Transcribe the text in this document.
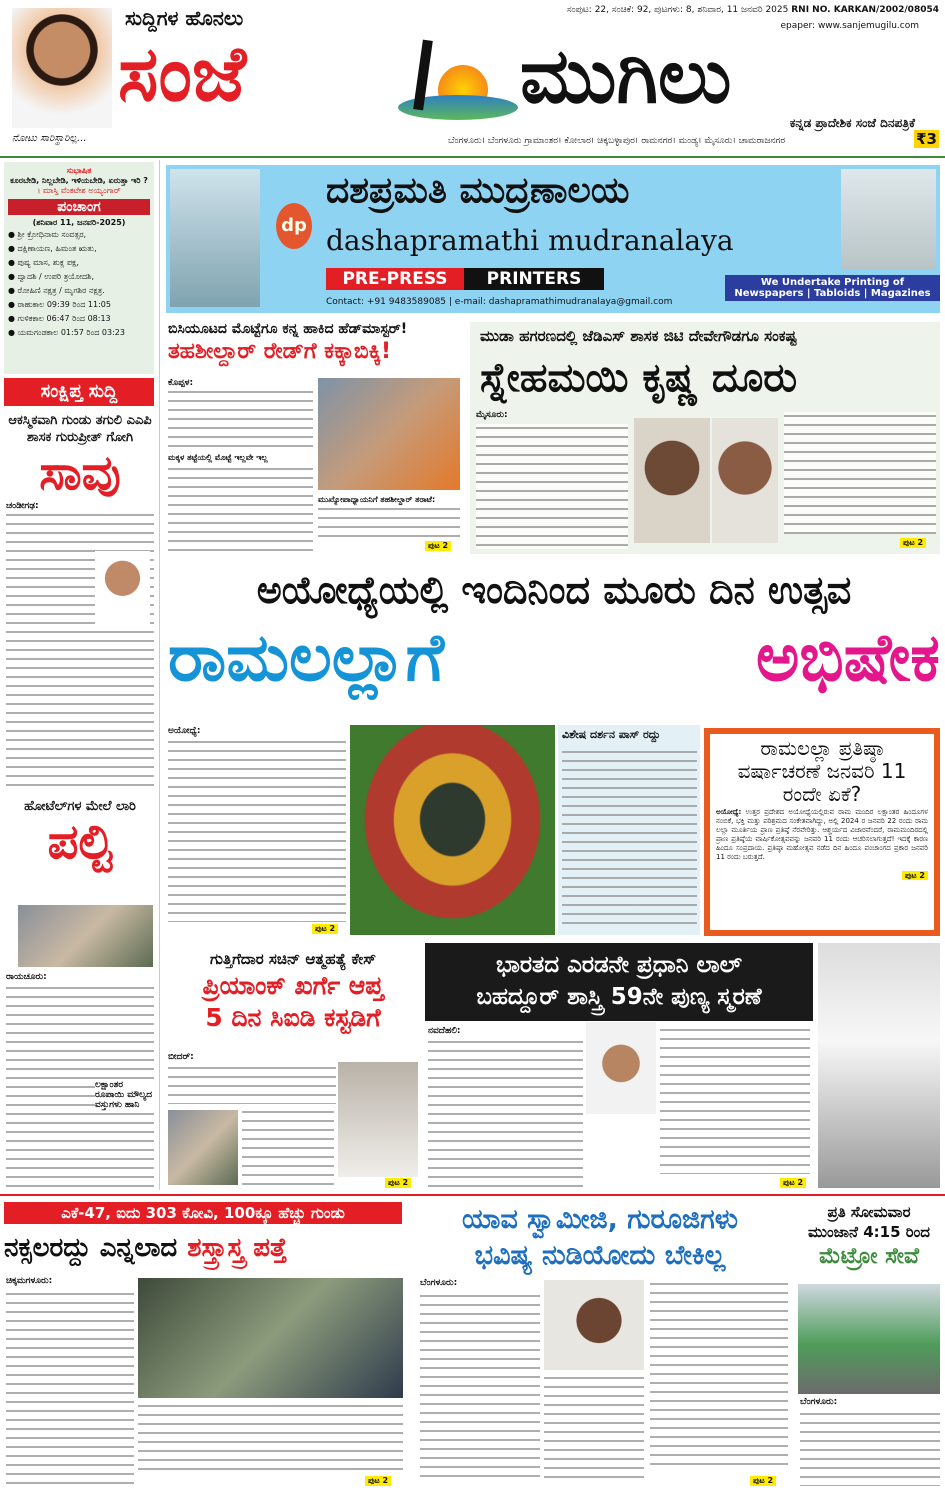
ನೋಟು ಸಾರಿಸ್ಥಾರಿಲ್ಲ...
ಸುದ್ದಿಗಳ ಹೊನಲು
ಸಂಜೆ	ಮುಗಿಲು
ಸಂಪುಟ: 22, ಸಂಚಿಕೆ: 92, ಪುಟಗಳು: 8, ಶನಿವಾರ, 11 ಜನವರಿ 2025 RNI NO. KARKAN/2002/08054
epaper: www.sanjemugilu.com
ಕನ್ನಡ ಪ್ರಾದೇಶಿಕ ಸಂಜೆ ದಿನಪತ್ರಿಕೆ
ಬೆಂಗಳೂರು। ಬೆಂಗಳೂರು ಗ್ರಾಮಾಂತರ। ಕೋಲಾರ। ಚಿಕ್ಕಬಳ್ಳಾಪುರ। ರಾಮನಗರ। ಮಂಡ್ಯ। ಮೈಸೂರು। ಚಾಮರಾಜನಗರ	₹3
ಸುಭಾಷಿತ
ಕೂರಬೇಡಿ, ನಿಲ್ಲಬೇಡಿ, ಇಳಿಯಬೇಡಿ, ಏರುತ್ತಾ ಇರಿ ?
। ಮಾಸ್ತಿ ವೆಂಕಟೇಶ ಅಯ್ಯಂಗಾರ್
ಪಂಚಾಂಗ
(ಶನಿವಾರ 11, ಜನವರಿ-2025)
● ಶ್ರೀ ಕ್ರೋಧಿನಾಮ ಸಂವತ್ಸರ,
● ದಕ್ಷಿಣಾಯಣ, ಹಿಮಂತ ಋತು,
● ಪುಷ್ಯ ಮಾಸ, ಶುಕ್ಲ ಪಕ್ಷ,
● ದ್ವಾದಶಿ / ಉಪರಿ ತ್ರಯೋದಶಿ,
● ರೋಹಿಣಿ ನಕ್ಷತ್ರ / ಮೃಗಶಿರ ನಕ್ಷತ್ರ.
● ರಾಹುಕಾಲ 09:39 ರಿಂದ 11:05
● ಗುಳಿಕಕಾಲ 06:47 ರಿಂದ 08:13
● ಯಮಗಂಡಕಾಲ 01:57 ರಿಂದ 03:23
ಸಂಕ್ಷಿಪ್ತ ಸುದ್ದಿ
ಆಕಸ್ಮಿಕವಾಗಿ ಗುಂಡು ತಗುಲಿ ಎಎಪಿ ಶಾಸಕ ಗುರುಪ್ರೀತ್ ಗೋಗಿ
ಸಾವು
ಚಂಡೀಗಢ:
ಹೋಟೆಲ್‌ಗಳ ಮೇಲೆ ಲಾರಿ
ಪಲ್ಟಿ
ರಾಯಚೂರು:
ಲಕ್ಷಾಂತರ ರೂಪಾಯಿ ಮೌಲ್ಯದ ವಸ್ತುಗಳು ಹಾನಿ
dp
ದಶಪ್ರಮತಿ ಮುದ್ರಣಾಲಯ
dashapramathi mudranalaya
PRE-PRESS	PRINTERS
Contact: +91 9483589085 | e-mail: dashapramathimudranalaya@gmail.com
We Undertake Printing of
Newspapers | Tabloids | Magazines
ಬಿಸಿಯೂಟದ ಮೊಟ್ಟೆಗೂ ಕನ್ನ ಹಾಕಿದ ಹೆಡ್‌ಮಾಸ್ಟರ್!
ತಹಶೀಲ್ದಾರ್ ರೇಡ್‌ಗೆ ಕಕ್ಕಾಬಿಕ್ಕಿ!
ಕೊಪ್ಪಳ:
ಮಕ್ಕಳ ತಟ್ಟೆಯಲ್ಲಿ ಮೊಟ್ಟೆ ಇಲ್ಲವೇ ಇಲ್ಲ
ಮುಖ್ಯೋಪಾಧ್ಯಾಯನಿಗೆ ತಹಶೀಲ್ದಾರ್ ತರಾಟೆ:
ಪುಟ 2
ಮುಡಾ ಹಗರಣದಲ್ಲಿ ಜೆಡಿಎಸ್ ಶಾಸಕ ಜಿಟಿ ದೇವೇಗೌಡಗೂ ಸಂಕಷ್ಟ
ಸ್ನೇಹಮಯಿ ಕೃಷ್ಣ ದೂರು
ಮೈಸೂರು:
ಪುಟ 2
ಅಯೋಧ್ಯೆಯಲ್ಲಿ ಇಂದಿನಿಂದ ಮೂರು ದಿನ ಉತ್ಸವ
ರಾಮಲಲ್ಲಾಗೆ	ಅಭಿಷೇಕ
ಅಯೋಧ್ಯೆ:	ವಿಶೇಷ ದರ್ಶನ ಪಾಸ್ ರದ್ದು
ಪುಟ 2
ರಾಮಲಲ್ಲಾ ಪ್ರತಿಷ್ಠಾ ವರ್ಷಾಚರಣೆ ಜನವರಿ 11 ರಂದೇ ಏಕೆ?
ಅಯೋಧ್ಯೆ: ಉತ್ತರ ಪ್ರದೇಶದ ಅಯೋಧ್ಯೆಯಲ್ಲಿರುವ ರಾಮ ಮಂದಿರ ಲಕ್ಷಾಂತರ ಹಿಂದೂಗಳ ನಂಬಿಕೆ, ಭಕ್ತಿ ಮತ್ತು ಪರಿಶ್ರಮದ ಸಂಕೇತವಾಗಿದ್ದು, ಅಲ್ಲಿ 2024 ರ ಜನವರಿ 22 ರಂದು ರಾಮ ಲಲ್ಲಾ ಮೂರ್ತಿಯ ಪ್ರಾಣ ಪ್ರತಿಷ್ಠೆ ನೆರವೇರಿತ್ತು. ಆಶ್ಚರ್ಯದ ವಿಚಾರವೆಂದರೆ, ರಾಮಮಂದಿರದಲ್ಲಿ ಪ್ರಾಣ ಪ್ರತಿಷ್ಠೆಯ ವಾರ್ಷಿಕೋತ್ಸವವನ್ನು ಜನವರಿ 11 ರಂದು ಆಚರಿಸಲಾಗುತ್ತದೆ! ಇದಕ್ಕೆ ಕಾರಣ ಹಿಂದೂ ಸಂಪ್ರದಾಯ. ಪ್ರತಿಷ್ಠಾ ಮಹೋತ್ಸವ ನಡೆದ ದಿನ ಹಿಂದೂ ಪಂಚಾಂಗದ ಪ್ರಕಾರ ಜನವರಿ 11 ರಂದು ಬರುತ್ತದೆ.
ಪುಟ 2
ಗುತ್ತಿಗೆದಾರ ಸಚಿನ್ ಆತ್ಮಹತ್ಯೆ ಕೇಸ್
ಪ್ರಿಯಾಂಕ್ ಖರ್ಗೆ ಆಪ್ತ
5 ದಿನ ಸಿಐಡಿ ಕಸ್ಟಡಿಗೆ
ಬೀದರ್:
ಪುಟ 2
ಭಾರತದ ಎರಡನೇ ಪ್ರಧಾನಿ ಲಾಲ್
ಬಹದ್ದೂರ್ ಶಾಸ್ತ್ರಿ 59ನೇ ಪುಣ್ಯ ಸ್ಮರಣೆ
ನವದೆಹಲಿ:
ಪುಟ 2
ಎಕೆ-47, ಐದು 303 ಕೋವಿ, 100ಕ್ಕೂ ಹೆಚ್ಚು ಗುಂಡು
ನಕ್ಸಲರದ್ದು ಎನ್ನಲಾದ ಶಸ್ತ್ರಾಸ್ತ್ರ ಪತ್ತೆ
ಚಿಕ್ಕಮಗಳೂರು:
ಪುಟ 2
ಯಾವ ಸ್ವಾಮೀಜಿ, ಗುರೂಜಿಗಳು
ಭವಿಷ್ಯ ನುಡಿಯೋದು ಬೇಕಿಲ್ಲ
ಬೆಂಗಳೂರು:
ಪುಟ 2
ಪ್ರತಿ ಸೋಮವಾರ
ಮುಂಜಾನೆ 4:15 ರಿಂದ
ಮೆಟ್ರೋ ಸೇವೆ
ಬೆಂಗಳೂರು:
